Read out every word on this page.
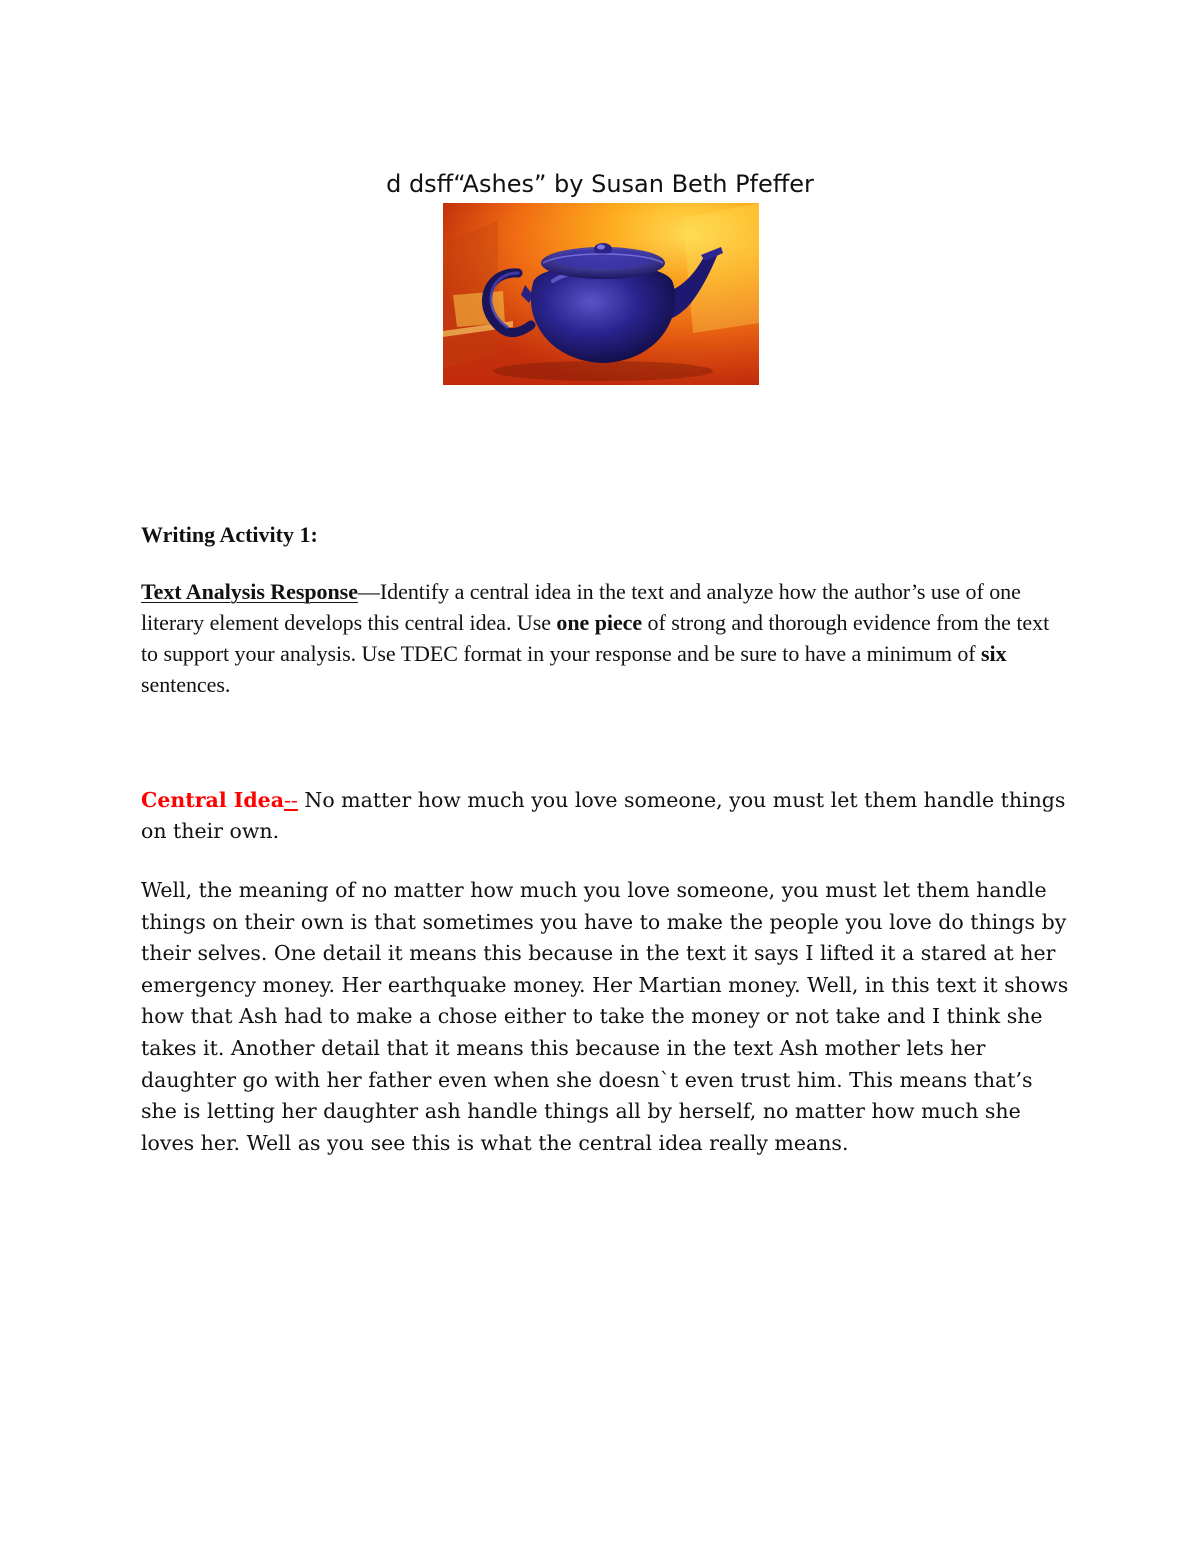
d dsff“Ashes” by Susan Beth Pfeffer

Writing Activity 1:

Text Analysis Response—Identify a central idea in the text and analyze how the author’s use of one literary element develops this central idea. Use one piece of strong and thorough evidence from the text to support your analysis. Use TDEC format in your response and be sure to have a minimum of six sentences.

Central Idea-- No matter how much you love someone, you must let them handle things on their own.

Well, the meaning of no matter how much you love someone, you must let them handle things on their own is that sometimes you have to make the people you love do things by their selves. One detail it means this because in the text it says I lifted it a stared at her emergency money. Her earthquake money. Her Martian money. Well, in this text it shows how that Ash had to make a chose either to take the money or not take and I think she takes it. Another detail that it means this because in the text Ash mother lets her daughter go with her father even when she doesn`t even trust him. This means that’s she is letting her daughter ash handle things all by herself, no matter how much she loves her. Well as you see this is what the central idea really means.
